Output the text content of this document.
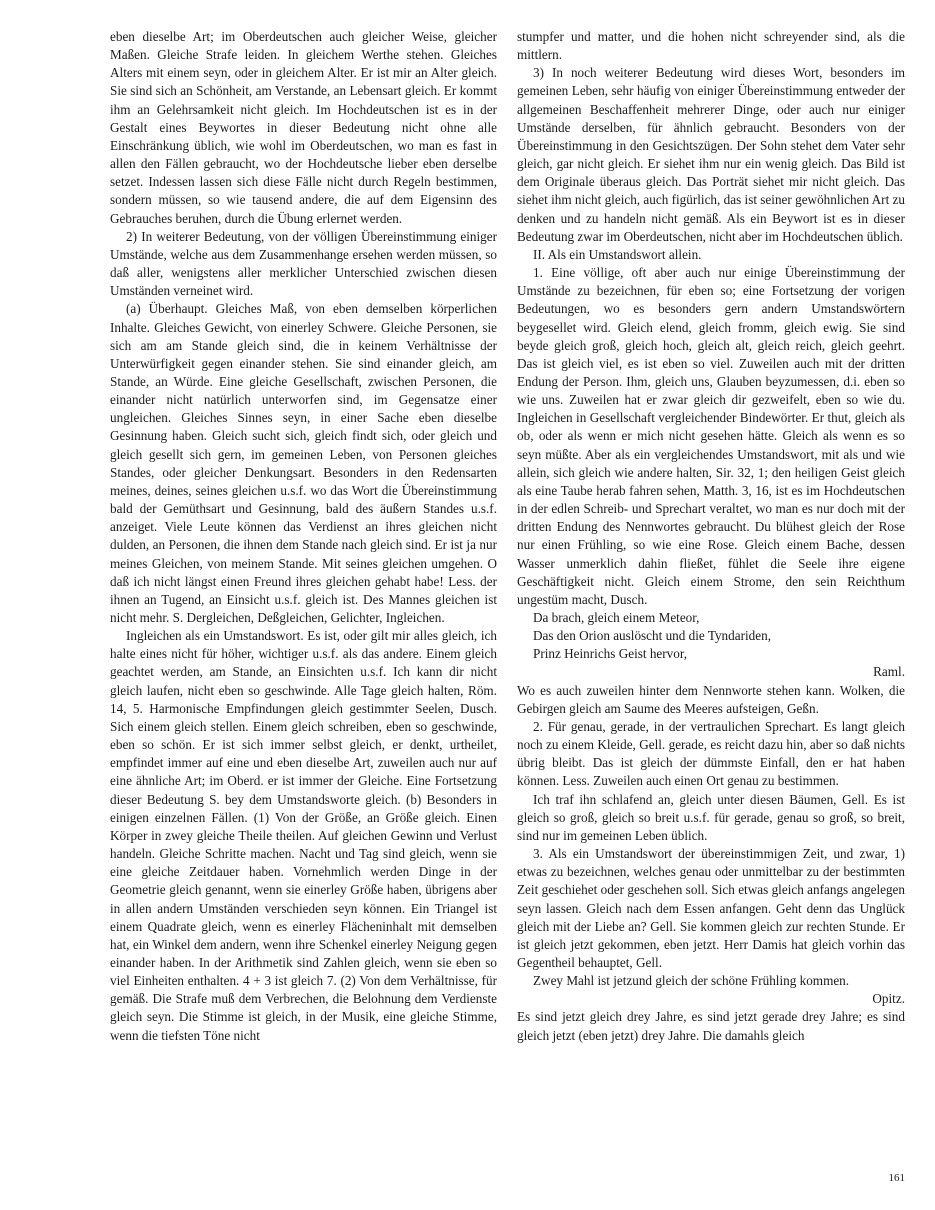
eben dieselbe Art; im Oberdeutschen auch gleicher Weise, gleicher Maßen. Gleiche Strafe leiden. In gleichem Werthe stehen. Gleiches Alters mit einem seyn, oder in gleichem Alter. Er ist mir an Alter gleich. Sie sind sich an Schönheit, am Verstande, an Lebensart gleich. Er kommt ihm an Gelehrsamkeit nicht gleich. Im Hochdeutschen ist es in der Gestalt eines Beywortes in dieser Bedeutung nicht ohne alle Einschränkung üblich, wie wohl im Oberdeutschen, wo man es fast in allen den Fällen gebraucht, wo der Hochdeutsche lieber eben derselbe setzet. Indessen lassen sich diese Fälle nicht durch Regeln bestimmen, sondern müssen, so wie tausend andere, die auf dem Eigensinn des Gebrauches beruhen, durch die Übung erlernet werden.

2) In weiterer Bedeutung, von der völligen Übereinstimmung einiger Umstände, welche aus dem Zusammenhange ersehen werden müssen, so daß aller, wenigstens aller merklicher Unterschied zwischen diesen Umständen verneinet wird.

(a) Überhaupt. Gleiches Maß, von eben demselben körperlichen Inhalte. Gleiches Gewicht, von einerley Schwere. Gleiche Personen, sie sich am am Stande gleich sind, die in keinem Verhältnisse der Unterwürfigkeit gegen einander stehen. Sie sind einander gleich, am Stande, an Würde. Eine gleiche Gesellschaft, zwischen Personen, die einander nicht natürlich unterworfen sind, im Gegensatze einer ungleichen. Gleiches Sinnes seyn, in einer Sache eben dieselbe Gesinnung haben. Gleich sucht sich, gleich findt sich, oder gleich und gleich gesellt sich gern, im gemeinen Leben, von Personen gleiches Standes, oder gleicher Denkungsart. Besonders in den Redensarten meines, deines, seines gleichen u.s.f. wo das Wort die Übereinstimmung bald der Gemüthsart und Gesinnung, bald des äußern Standes u.s.f. anzeiget. Viele Leute können das Verdienst an ihres gleichen nicht dulden, an Personen, die ihnen dem Stande nach gleich sind. Er ist ja nur meines Gleichen, von meinem Stande. Mit seines gleichen umgehen. O daß ich nicht längst einen Freund ihres gleichen gehabt habe! Less. der ihnen an Tugend, an Einsicht u.s.f. gleich ist. Des Mannes gleichen ist nicht mehr. S. Dergleichen, Deßgleichen, Gelichter, Ingleichen.

Ingleichen als ein Umstandswort. Es ist, oder gilt mir alles gleich, ich halte eines nicht für höher, wichtiger u.s.f. als das andere. Einem gleich geachtet werden, am Stande, an Einsichten u.s.f. Ich kann dir nicht gleich laufen, nicht eben so geschwinde. Alle Tage gleich halten, Röm. 14, 5. Harmonische Empfindungen gleich gestimmter Seelen, Dusch. Sich einem gleich stellen. Einem gleich schreiben, eben so geschwinde, eben so schön. Er ist sich immer selbst gleich, er denkt, urtheilet, empfindet immer auf eine und eben dieselbe Art, zuweilen auch nur auf eine ähnliche Art; im Oberd. er ist immer der Gleiche. Eine Fortsetzung dieser Bedeutung S. bey dem Umstandsworte gleich. (b) Besonders in einigen einzelnen Fällen. (1) Von der Größe, an Größe gleich. Einen Körper in zwey gleiche Theile theilen. Auf gleichen Gewinn und Verlust handeln. Gleiche Schritte machen. Nacht und Tag sind gleich, wenn sie eine gleiche Zeitdauer haben. Vornehmlich werden Dinge in der Geometrie gleich genannt, wenn sie einerley Größe haben, übrigens aber in allen andern Umständen verschieden seyn können. Ein Triangel ist einem Quadrate gleich, wenn es einerley Flächeninhalt mit demselben hat, ein Winkel dem andern, wenn ihre Schenkel einerley Neigung gegen einander haben. In der Arithmetik sind Zahlen gleich, wenn sie eben so viel Einheiten enthalten. 4 + 3 ist gleich 7. (2) Von dem Verhältnisse, für gemäß. Die Strafe muß dem Verbrechen, die Belohnung dem Verdienste gleich seyn. Die Stimme ist gleich, in der Musik, eine gleiche Stimme, wenn die tiefsten Töne nicht

stumpfer und matter, und die hohen nicht schreyender sind, als die mittlern.

3) In noch weiterer Bedeutung wird dieses Wort, besonders im gemeinen Leben, sehr häufig von einiger Übereinstimmung entweder der allgemeinen Beschaffenheit mehrerer Dinge, oder auch nur einiger Umstände derselben, für ähnlich gebraucht. Besonders von der Übereinstimmung in den Gesichtszügen. Der Sohn stehet dem Vater sehr gleich, gar nicht gleich. Er siehet ihm nur ein wenig gleich. Das Bild ist dem Originale überaus gleich. Das Porträt siehet mir nicht gleich. Das siehet ihm nicht gleich, auch figürlich, das ist seiner gewöhnlichen Art zu denken und zu handeln nicht gemäß. Als ein Beywort ist es in dieser Bedeutung zwar im Oberdeutschen, nicht aber im Hochdeutschen üblich.

II. Als ein Umstandswort allein.

1. Eine völlige, oft aber auch nur einige Übereinstimmung der Umstände zu bezeichnen, für eben so; eine Fortsetzung der vorigen Bedeutungen, wo es besonders gern andern Umstandswörtern beygesellet wird. Gleich elend, gleich fromm, gleich ewig. Sie sind beyde gleich groß, gleich hoch, gleich alt, gleich reich, gleich geehrt. Das ist gleich viel, es ist eben so viel. Zuweilen auch mit der dritten Endung der Person. Ihm, gleich uns, Glauben beyzumessen, d.i. eben so wie uns. Zuweilen hat er zwar gleich dir gezweifelt, eben so wie du. Ingleichen in Gesellschaft vergleichender Bindewörter. Er thut, gleich als ob, oder als wenn er mich nicht gesehen hätte. Gleich als wenn es so seyn müßte. Aber als ein vergleichendes Umstandswort, mit als und wie allein, sich gleich wie andere halten, Sir. 32, 1; den heiligen Geist gleich als eine Taube herab fahren sehen, Matth. 3, 16, ist es im Hochdeutschen in der edlen Schreib- und Sprechart veraltet, wo man es nur doch mit der dritten Endung des Nennwortes gebraucht. Du blühest gleich der Rose nur einen Frühling, so wie eine Rose. Gleich einem Bache, dessen Wasser unmerklich dahin fließet, fühlet die Seele ihre eigene Geschäftigkeit nicht. Gleich einem Strome, den sein Reichthum ungestüm macht, Dusch.

Da brach, gleich einem Meteor,

Das den Orion auslöscht und die Tyndariden,

Prinz Heinrichs Geist hervor,

Raml.

Wo es auch zuweilen hinter dem Nennworte stehen kann. Wolken, die Gebirgen gleich am Saume des Meeres aufsteigen, Geßn.

2. Für genau, gerade, in der vertraulichen Sprechart. Es langt gleich noch zu einem Kleide, Gell. gerade, es reicht dazu hin, aber so daß nichts übrig bleibt. Das ist gleich der dümmste Einfall, den er hat haben können. Less. Zuweilen auch einen Ort genau zu bestimmen.

Ich traf ihn schlafend an, gleich unter diesen Bäumen, Gell. Es ist gleich so groß, gleich so breit u.s.f. für gerade, genau so groß, so breit, sind nur im gemeinen Leben üblich.

3. Als ein Umstandswort der übereinstimmigen Zeit, und zwar, 1) etwas zu bezeichnen, welches genau oder unmittelbar zu der bestimmten Zeit geschiehet oder geschehen soll. Sich etwas gleich anfangs angelegen seyn lassen. Gleich nach dem Essen anfangen. Geht denn das Unglück gleich mit der Liebe an? Gell. Sie kommen gleich zur rechten Stunde. Er ist gleich jetzt gekommen, eben jetzt. Herr Damis hat gleich vorhin das Gegentheil behauptet, Gell.

Zwey Mahl ist jetzund gleich der schöne Frühling kommen.

Opitz.

Es sind jetzt gleich drey Jahre, es sind jetzt gerade drey Jahre; es sind gleich jetzt (eben jetzt) drey Jahre. Die damahls gleich

161
